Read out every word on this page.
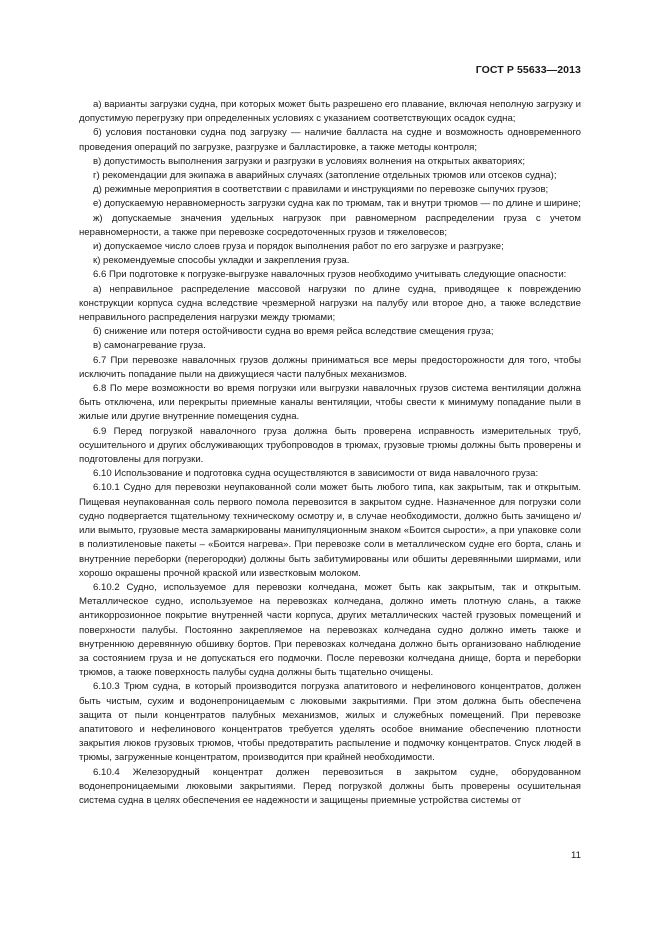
ГОСТ Р 55633—2013

а) варианты загрузки судна, при которых может быть разрешено его плавание, включая неполную загрузку и допустимую перегрузку при определенных условиях с указанием соответствующих осадок судна;

б) условия постановки судна под загрузку — наличие балласта на судне и возможность одновременного проведения операций по загрузке, разгрузке и балластировке, а также методы контроля;

в) допустимость выполнения загрузки и разгрузки в условиях волнения на открытых акваториях;

г) рекомендации для экипажа в аварийных случаях (затопление отдельных трюмов или отсеков судна);

д) режимные мероприятия в соответствии с правилами и инструкциями по перевозке сыпучих грузов;

е) допускаемую неравномерность загрузки судна как по трюмам, так и внутри трюмов — по длине и ширине;

ж) допускаемые значения удельных нагрузок при равномерном распределении груза с учетом неравномерности, а также при перевозке сосредоточенных грузов и тяжеловесов;

и) допускаемое число слоев груза и порядок выполнения работ по его загрузке и разгрузке;

к) рекомендуемые способы укладки и закрепления груза.

6.6 При подготовке к погрузке-выгрузке навалочных грузов необходимо учитывать следующие опасности:

а) неправильное распределение массовой нагрузки по длине судна, приводящее к повреждению конструкции корпуса судна вследствие чрезмерной нагрузки на палубу или второе дно, а также вследствие неправильного распределения нагрузки между трюмами;

б) снижение или потеря остойчивости судна во время рейса вследствие смещения груза;

в) самонагревание груза.

6.7 При перевозке навалочных грузов должны приниматься все меры предосторожности для того, чтобы исключить попадание пыли на движущиеся части палубных механизмов.

6.8 По мере возможности во время погрузки или выгрузки навалочных грузов система вентиляции должна быть отключена, или перекрыты приемные каналы вентиляции, чтобы свести к минимуму попадание пыли в жилые или другие внутренние помещения судна.

6.9 Перед погрузкой навалочного груза должна быть проверена исправность измерительных труб, осушительного и других обслуживающих трубопроводов в трюмах, грузовые трюмы должны быть проверены и подготовлены для погрузки.

6.10 Использование и подготовка судна осуществляются в зависимости от вида навалочного груза:

6.10.1 Судно для перевозки неупакованной соли может быть любого типа, как закрытым, так и открытым. Пищевая неупакованная соль первого помола перевозится в закрытом судне. Назначенное для погрузки соли судно подвергается тщательному техническому осмотру и, в случае необходимости, должно быть зачищено и/или вымыто, грузовые места замаркированы манипуляционным знаком «Боится сырости», а при упаковке соли в полиэтиленовые пакеты – «Боится нагрева». При перевозке соли в металлическом судне его борта, слань и внутренние переборки (перегородки) должны быть забитумированы или обшиты деревянными ширмами, или хорошо окрашены прочной краской или известковым молоком.

6.10.2 Судно, используемое для перевозки колчедана, может быть как закрытым, так и открытым. Металлическое судно, используемое на перевозках колчедана, должно иметь плотную слань, а также антикоррозионное покрытие внутренней части корпуса, других металлических частей грузовых помещений и поверхности палубы. Постоянно закрепляемое на перевозках колчедана судно должно иметь также и внутреннюю деревянную обшивку бортов. При перевозках колчедана должно быть организовано наблюдение за состоянием груза и не допускаться его подмочки. После перевозки колчедана днище, борта и переборки трюмов, а также поверхность палубы судна должны быть тщательно очищены.

6.10.3 Трюм судна, в который производится погрузка апатитового и нефелинового концентратов, должен быть чистым, сухим и водонепроницаемым с люковыми закрытиями. При этом должна быть обеспечена защита от пыли концентратов палубных механизмов, жилых и служебных помещений. При перевозке апатитового и нефелинового концентратов требуется уделять особое внимание обеспечению плотности закрытия люков грузовых трюмов, чтобы предотвратить распыление и подмочку концентратов. Спуск людей в трюмы, загруженные концентратом, производится при крайней необходимости.

6.10.4 Железорудный концентрат должен перевозиться в закрытом судне, оборудованном водонепроницаемыми люковыми закрытиями. Перед погрузкой должны быть проверены осушительная система судна в целях обеспечения ее надежности и защищены приемные устройства системы от

11
